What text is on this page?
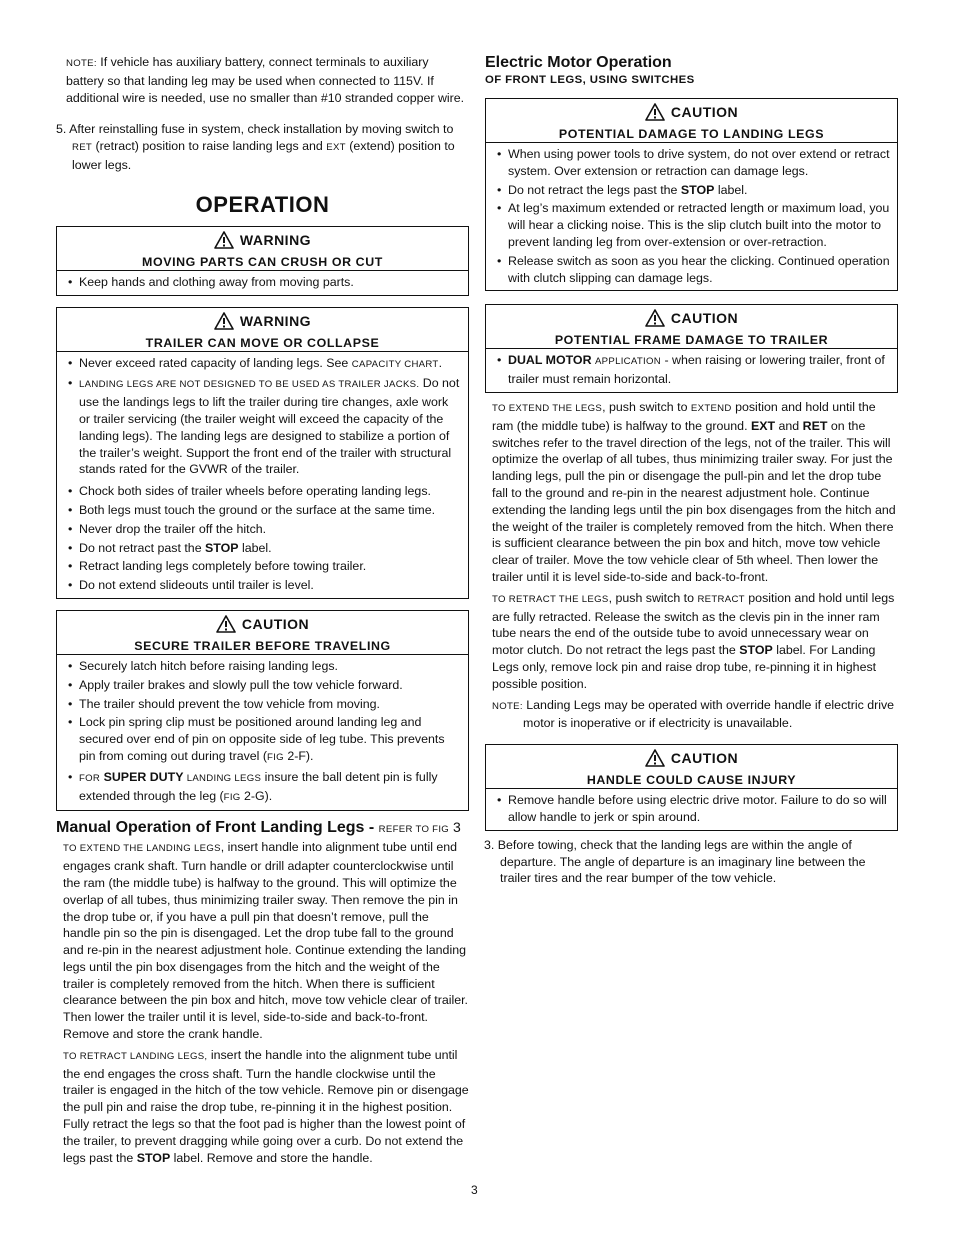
NOTE: If vehicle has auxiliary battery, connect terminals to auxiliary battery so that landing leg may be used when connected to 115V. If additional wire is needed, use no smaller than #10 stranded copper wire.

5. After reinstalling fuse in system, check installation by moving switch to RET (retract) position to raise landing legs and EXT (extend) position to lower legs.

OPERATION
WARNING
MOVING PARTS CAN CRUSH OR CUT
• Keep hands and clothing away from moving parts.
WARNING
TRAILER CAN MOVE OR COLLAPSE
• Never exceed rated capacity of landing legs. See CAPACITY CHART.
• LANDING LEGS ARE NOT DESIGNED TO BE USED AS TRAILER JACKS. Do not use the landings legs to lift the trailer during tire changes, axle work or trailer servicing (the trailer weight will exceed the capacity of the landing legs). The landing legs are designed to stabilize a portion of the trailer’s weight. Support the front end of the trailer with structural stands rated for the GVWR of the trailer.
• Chock both sides of trailer wheels before operating landing legs.
• Both legs must touch the ground or the surface at the same time.
• Never drop the trailer off the hitch.
• Do not retract past the STOP label.
• Retract landing legs completely before towing trailer.
• Do not extend slideouts until trailer is level.
CAUTION
SECURE TRAILER BEFORE TRAVELING
• Securely latch hitch before raising landing legs.
• Apply trailer brakes and slowly pull the tow vehicle forward.
• The trailer should prevent the tow vehicle from moving.
• Lock pin spring clip must be positioned around landing leg and secured over end of pin on opposite side of leg tube. This prevents pin from coming out during travel (FIG 2-F).
• FOR SUPER DUTY LANDING LEGS insure the ball detent pin is fully extended through the leg (FIG 2-G).
Manual Operation of Front Landing Legs - REFER TO FIG 3

TO EXTEND THE LANDING LEGS, insert handle into alignment tube until end engages crank shaft. Turn handle or drill adapter counterclockwise until the ram (the middle tube) is halfway to the ground. This will optimize the overlap of all tubes, thus minimizing trailer sway. Then remove the pin in the drop tube or, if you have a pull pin that doesn’t remove, pull the handle pin so the pin is disengaged. Let the drop tube fall to the ground and re-pin in the nearest adjustment hole. Continue extending the landing legs until the pin box disengages from the hitch and the weight of the trailer is completely removed from the hitch. When there is sufficient clearance between the pin box and hitch, move tow vehicle clear of trailer. Then lower the trailer until it is level, side-to-side and back-to-front. Remove and store the crank handle.

TO RETRACT LANDING LEGS, insert the handle into the alignment tube until the end engages the cross shaft. Turn the handle clockwise until the trailer is engaged in the hitch of the tow vehicle. Remove pin or disengage the pull pin and raise the drop tube, re-pinning it in the highest position. Fully retract the legs so that the foot pad is higher than the lowest point of the trailer, to prevent dragging while going over a curb. Do not extend the legs past the STOP label. Remove and store the handle.

Electric Motor Operation
OF FRONT LEGS, USING SWITCHES
CAUTION
POTENTIAL DAMAGE TO LANDING LEGS
• When using power tools to drive system, do not over extend or retract system. Over extension or retraction can damage legs.
• Do not retract the legs past the STOP label.
• At leg’s maximum extended or retracted length or maximum load, you will hear a clicking noise. This is the slip clutch built into the motor to prevent landing leg from over-extension or over-retraction.
• Release switch as soon as you hear the clicking. Continued operation with clutch slipping can damage legs.
CAUTION
POTENTIAL FRAME DAMAGE TO TRAILER
• DUAL MOTOR APPLICATION - when raising or lowering trailer, front of trailer must remain horizontal.

TO EXTEND THE LEGS, push switch to EXTEND position and hold until the ram (the middle tube) is halfway to the ground. EXT and RET on the switches refer to the travel direction of the legs, not of the trailer. This will optimize the overlap of all tubes, thus minimizing trailer sway. For just the landing legs, pull the pin or disengage the pull-pin and let the drop tube fall to the ground and re-pin in the nearest adjustment hole. Continue extending the landing legs until the pin box disengages from the hitch and the weight of the trailer is completely removed from the hitch. When there is sufficient clearance between the pin box and hitch, move tow vehicle clear of trailer. Move the tow vehicle clear of 5th wheel. Then lower the trailer until it is level side-to-side and back-to-front.

TO RETRACT THE LEGS, push switch to RETRACT position and hold until legs are fully retracted. Release the switch as the clevis pin in the inner ram tube nears the end of the outside tube to avoid unnecessary wear on motor clutch. Do not retract the legs past the STOP label. For Landing Legs only, remove lock pin and raise drop tube, re-pinning it in highest possible position.

NOTE: Landing Legs may be operated with override handle if electric drive motor is inoperative or if electricity is unavailable.

CAUTION
HANDLE COULD CAUSE INJURY
• Remove handle before using electric drive motor. Failure to do so will allow handle to jerk or spin around.

3. Before towing, check that the landing legs are within the angle of departure. The angle of departure is an imaginary line between the trailer tires and the rear bumper of the tow vehicle.

3
